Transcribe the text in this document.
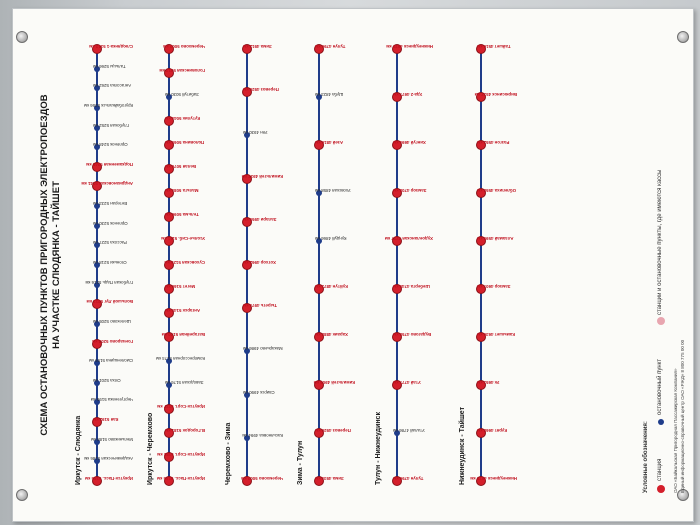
СХЕМА ОСТАНОВОЧНЫХ ПУНКТОВ ПРИГОРОДНЫХ ЭЛЕКТРОПОЕЗДОВ НА УЧАСТКЕ СЛЮДЯНКА - ТАЙШЕТ
Иркутск - Слюдянка Иркутск-Пасс. 5185 км
Академическая 5186 км
Мельниково 5188 км
Кая 5192 км
Чертугеевка 5195 км
Олха 5201 км
Смоленщина 5199 км
Гончарово 5203 км
Шелехово 5205 км
Большой Луг 5212 км
Глубокая Падь 5216 км
Огоньки 5218 км
Рассоха 5227 км
Орленок 5230 км
Ветеран 5233 км
Андриановская 5241 км
Подкаменная 5245 км
Орлёнок 5248 км
Глубокая 5252 км
Кругобайкальск 5256 км
Ангасолка 5262 км
Тальцы 5266 км
Слюдянка-1 5312 км
Иркутск - Черемхово Иркутск-Пасс. 5185 км
Иркутск-Сорт. 5182 км
В.Городок 5181 км
Иркутск-Сорт. 5177 км
Заводская 5176 км
Компрессорная 5174 км
Батарейная 5170 км
Ангарск 5145 км
Мегет 5160 км
Суховская 5125 км
Усолье-Сиб. 5111 км
Тельма 5096 км
Мальта 5084 км
Белая 5076 км
Половина 5065 км
Кутулик 5044 км
Забитуй 5030 км
Головинская 5013 км
Черемхово 5002 км
Черемхово - Зима Черемхово 5002 км
Касьяновка 4994 км
Свирск 4990 км
Макарьево 4986 км
Тыреть 4974 км
Хотхор 4962 км
Залари 4955 км
Кимильтей 4937 км
Уян 4930 км
Перевоз 4920 км
Зима 4912 км
Зима - Тулун	Зима 4934 км
Перевоз 4920 км
Кимильтей 4906 км
Хараик 4888 км
Куйтун 4873 км
Кундуй 4866 км
Уховская 4858 км
Азей 4816 км
Шуба 4823 км
Тулун 4796 км
Тулун - Нижнеудинск	Тулун 4796 км
Уталай 4786 км
Утай 4777 км
Будагово 4758 км
Шеберта 4745 км
Худоеланская 4727 км
Замзор 4708 км
Хингуй 4694 км
Уда-2 4677 км
Нижнеудинск 4670 км
Нижнеудинск - Тайшет Нижнеудинск 4678 км
Курят 4668 км
Ук 4653 км
Камышет 4636 км
Замзор 4607 км
Алзамай 4595 км
Облепиха 4558 км
Разгон 4552 км
Бирюсинск 4537 км
Тайшет 4516 км
Условные обозначения: станция
остановочный пункт
станции и остановочные пункты, где имеются кассы
ОАО «Байкальская Пригородная Пассажирская Компания» Единый информационно-справочный центр ОАО «РЖД» 8 800 775 00 00
